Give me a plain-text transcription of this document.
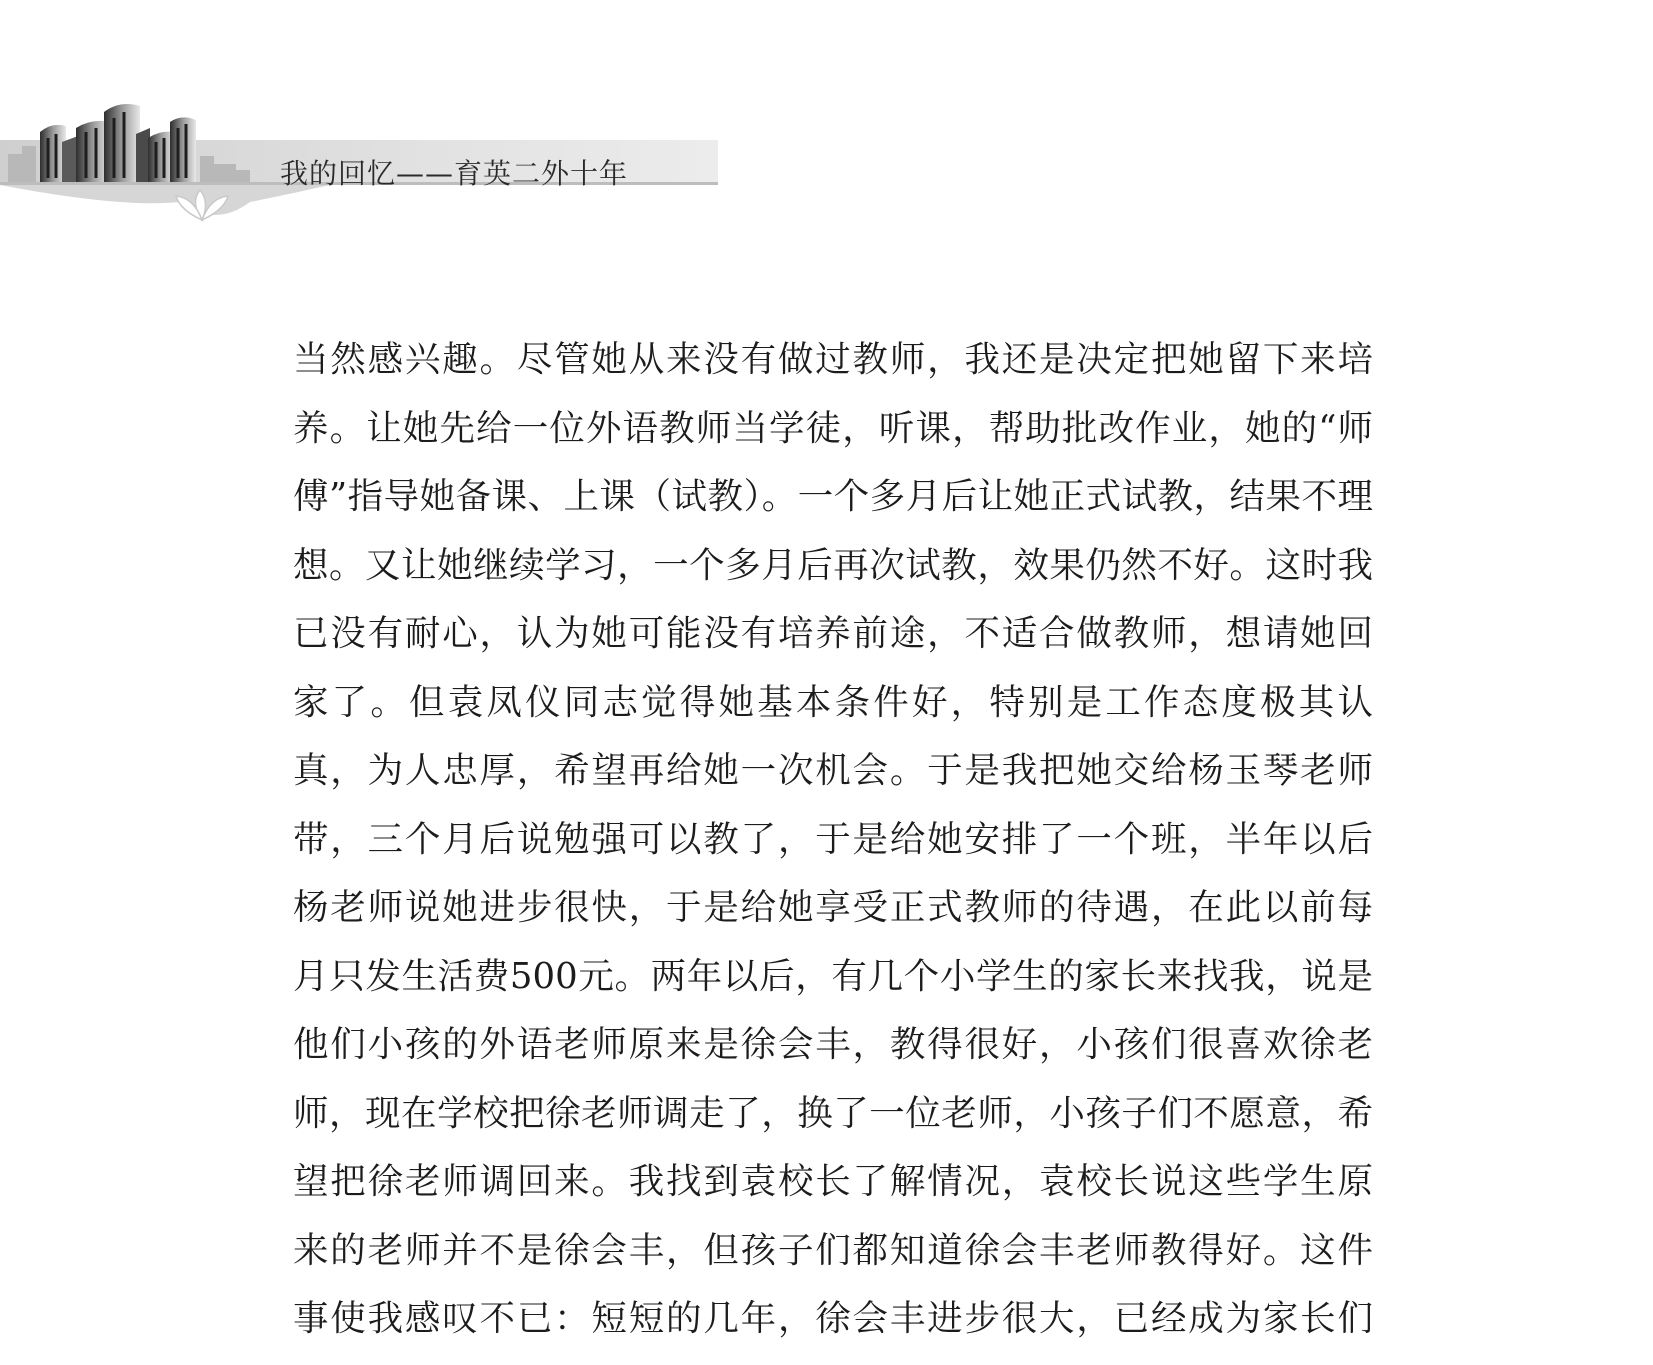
我的回忆——育英二外十年
当然感兴趣。尽管她从来没有做过教师，我还是决定把她留下来培
养。让她先给一位外语教师当学徒，听课，帮助批改作业，她的“师
傅”指导她备课、上课（试教）。一个多月后让她正式试教，结果不理
想。又让她继续学习，一个多月后再次试教，效果仍然不好。这时我
已没有耐心，认为她可能没有培养前途，不适合做教师，想请她回
家了。但袁凤仪同志觉得她基本条件好，特别是工作态度极其认
真，为人忠厚，希望再给她一次机会。于是我把她交给杨玉琴老师
带，三个月后说勉强可以教了，于是给她安排了一个班，半年以后
杨老师说她进步很快，于是给她享受正式教师的待遇，在此以前每
月只发生活费500元。两年以后，有几个小学生的家长来找我，说是
他们小孩的外语老师原来是徐会丰，教得很好，小孩们很喜欢徐老
师，现在学校把徐老师调走了，换了一位老师，小孩子们不愿意，希
望把徐老师调回来。我找到袁校长了解情况，袁校长说这些学生原
来的老师并不是徐会丰，但孩子们都知道徐会丰老师教得好。这件
事使我感叹不已：短短的几年，徐会丰进步很大，已经成为家长们
